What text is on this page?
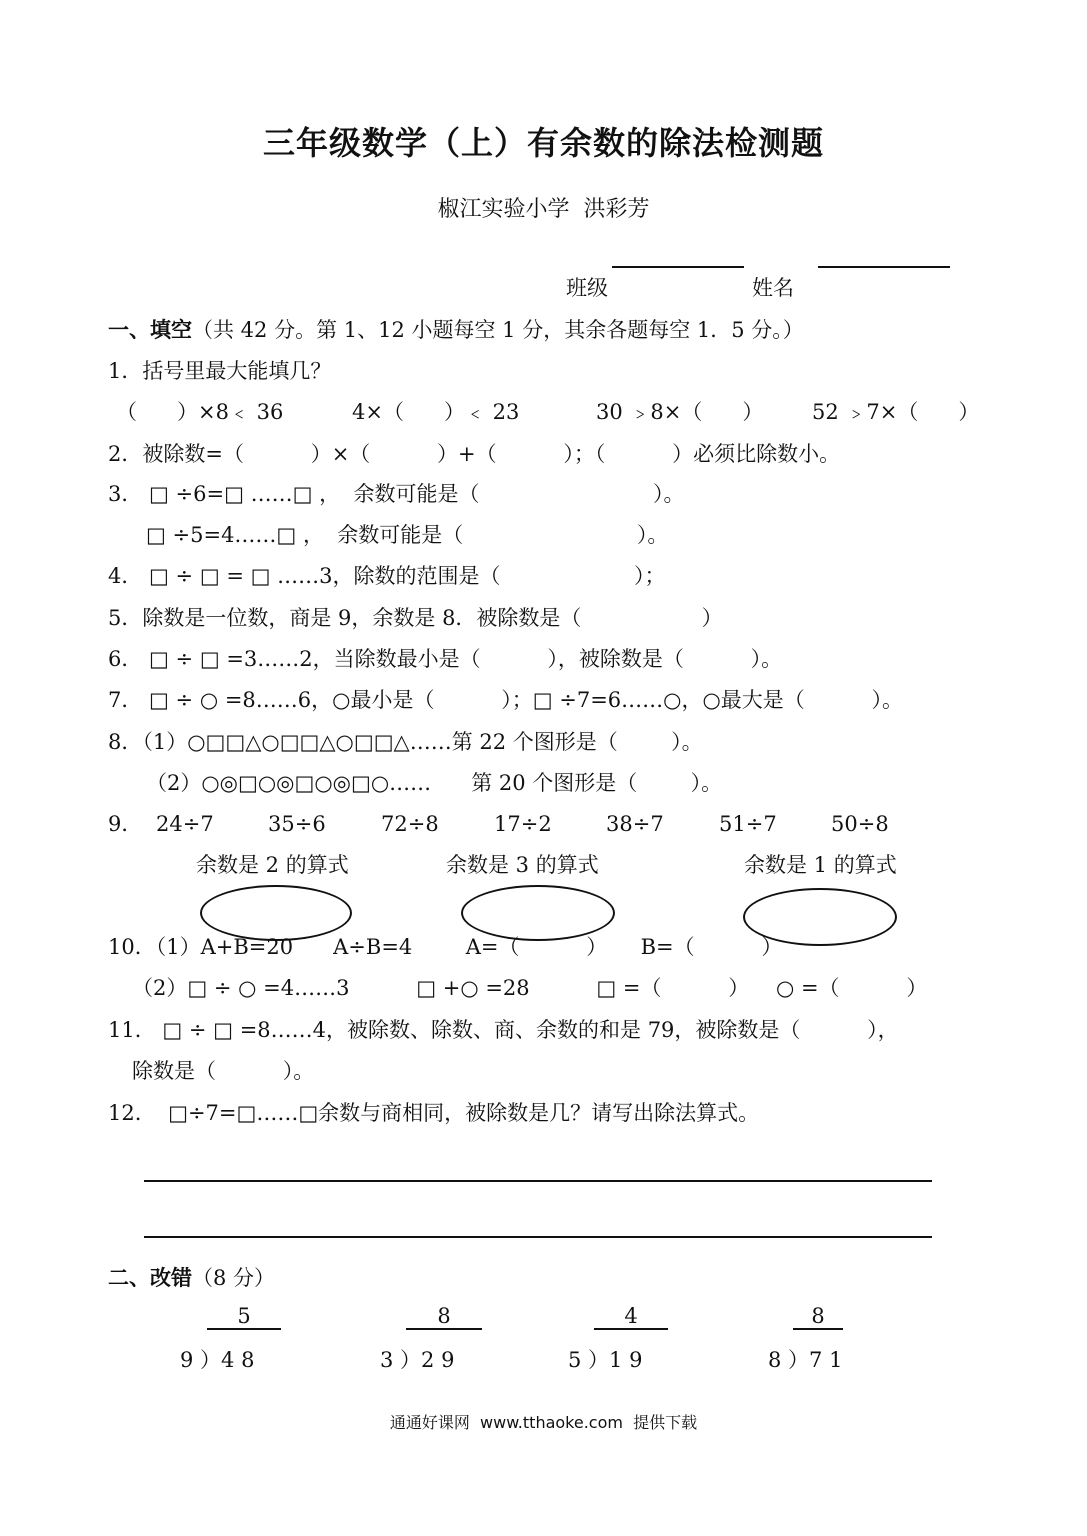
三年级数学（上）有余数的除法检测题
椒江实验小学  洪彩芳
班级	姓名
一、填空（共 42 分。第 1、12 小题每空 1 分，其余各题每空 1．5 分。）
1．括号里最大能填几？
（      ）×8﹤ 36	4×（      ）﹤ 23	30 ﹥8×（      ） 52 ﹥7×（      ）
2．被除数=（          ）×（          ）+（          ）；（          ）必须比除数小。
3． □ ÷6=□ ……□ ，  余数可能是（                          ）。
□ ÷5=4……□ ，  余数可能是（                          ）。
4． □ ÷ □ = □ ……3，除数的范围是（                    ）；
5．除数是一位数，商是 9，余数是 8．被除数是（                  ）
6． □ ÷ □ =3……2，当除数最小是（          ），被除数是（          ）。
7． □ ÷ ○ =8……6，○最小是（          ）；□ ÷7=6……○，○最大是（          ）。
8．（1）○□□△○□□△○□□△……第 22 个图形是（        ）。
（2）○◎□○◎□○◎□○……      第 20 个图形是（        ）。
9． 24÷7	35÷6	72÷8	17÷2	38÷7	51÷7	50÷8
余数是 2 的算式	余数是 3 的算式	余数是 1 的算式
10．（1）A+B=20      A÷B=4        A=（          ）     B=（          ）
（2）□ ÷ ○ =4……3          □ +○ =28          □ =（          ）    ○ =（          ）
11． □ ÷ □ =8……4，被除数、除数、商、余数的和是 79，被除数是（          ），
除数是（          ）。
12.    □÷7=□……□余数与商相同，被除数是几？请写出除法算式。
二、改错（8 分）
5
9 ）4 8
8
3 ）2 9
4
5 ）1 9
8
8 ）7 1
通通好课网  www.tthaoke.com  提供下载
